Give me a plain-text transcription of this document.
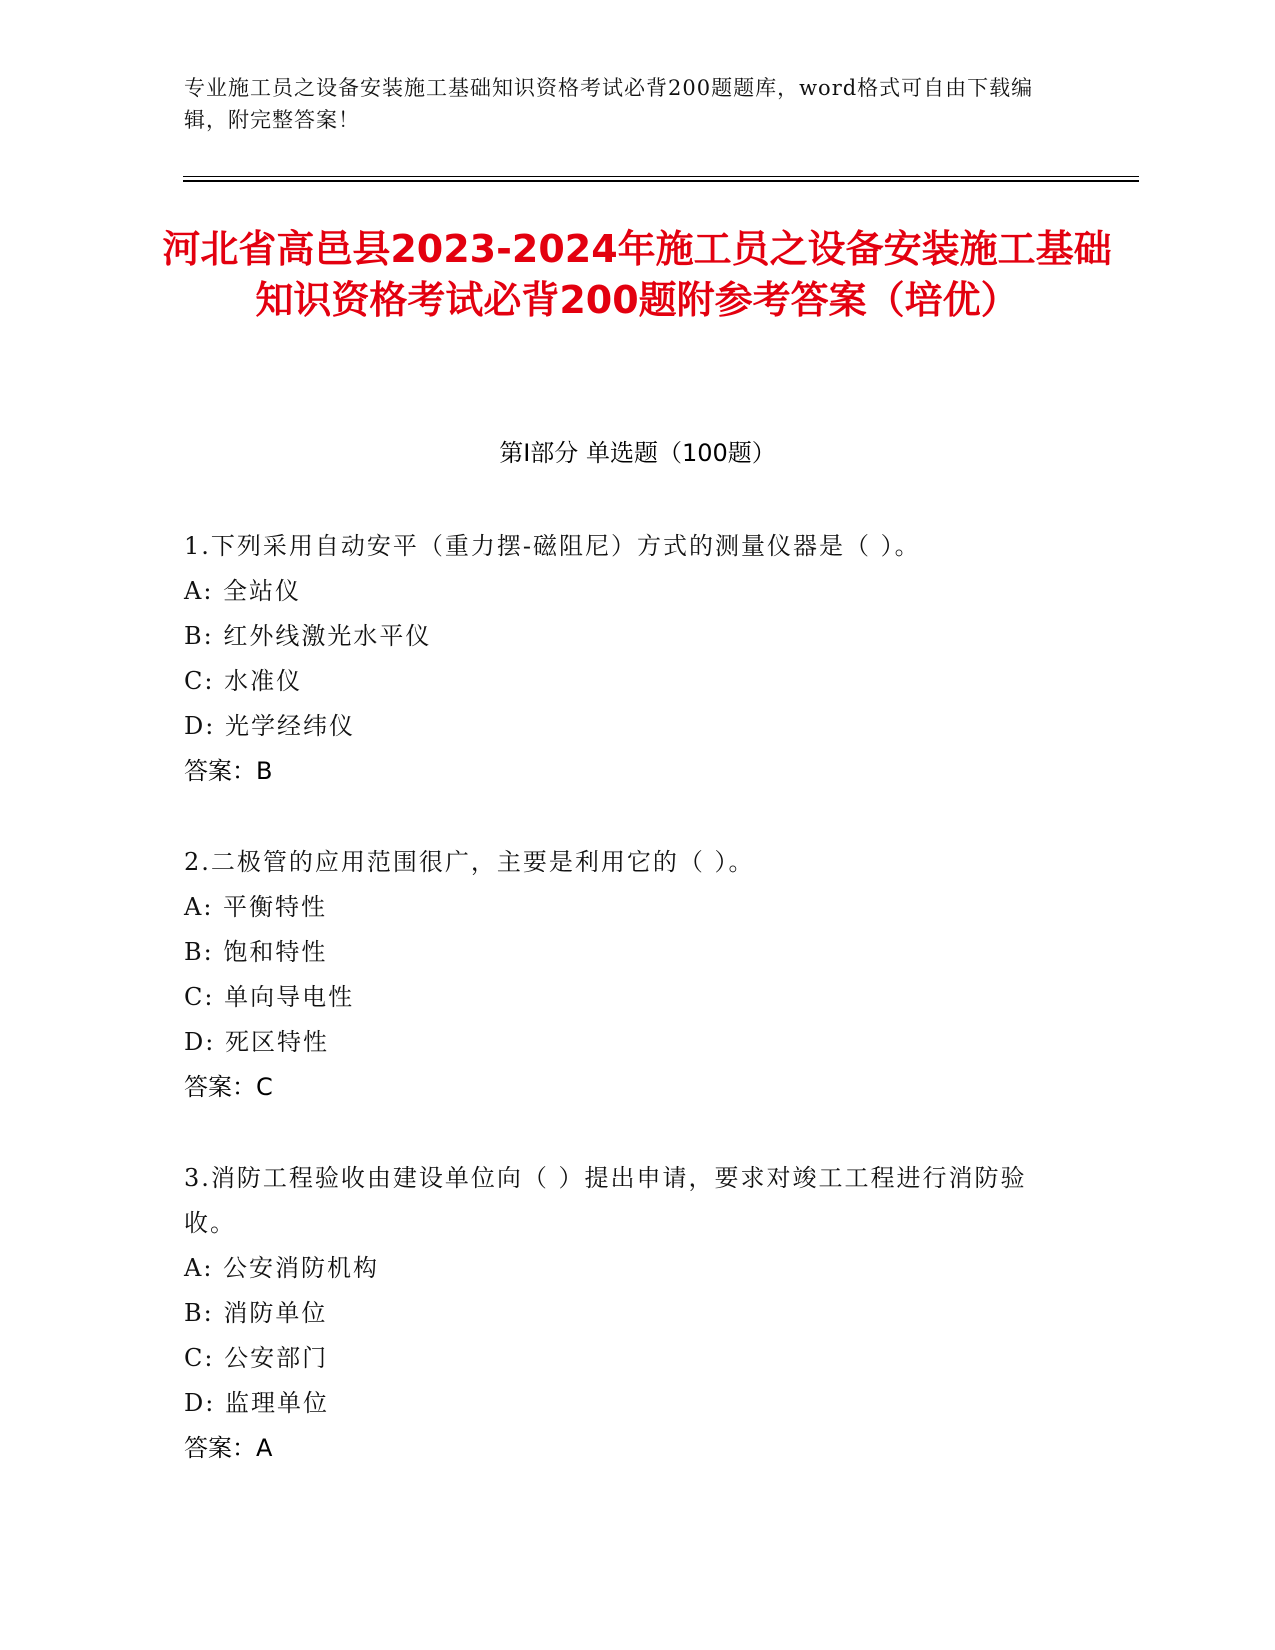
专业施工员之设备安装施工基础知识资格考试必背200题题库，word格式可自由下载编辑，附完整答案！
河北省高邑县2023-2024年施工员之设备安装施工基础知识资格考试必背200题附参考答案（培优）
第I部分 单选题（100题）
1.下列采用自动安平（重力摆-磁阻尼）方式的测量仪器是（ ）。
A: 全站仪
B: 红外线激光水平仪
C: 水准仪
D: 光学经纬仪
答案：B
2.二极管的应用范围很广，主要是利用它的（ ）。
A: 平衡特性
B: 饱和特性
C: 单向导电性
D: 死区特性
答案：C
3.消防工程验收由建设单位向（ ）提出申请，要求对竣工工程进行消防验收。
A: 公安消防机构
B: 消防单位
C: 公安部门
D: 监理单位
答案：A
